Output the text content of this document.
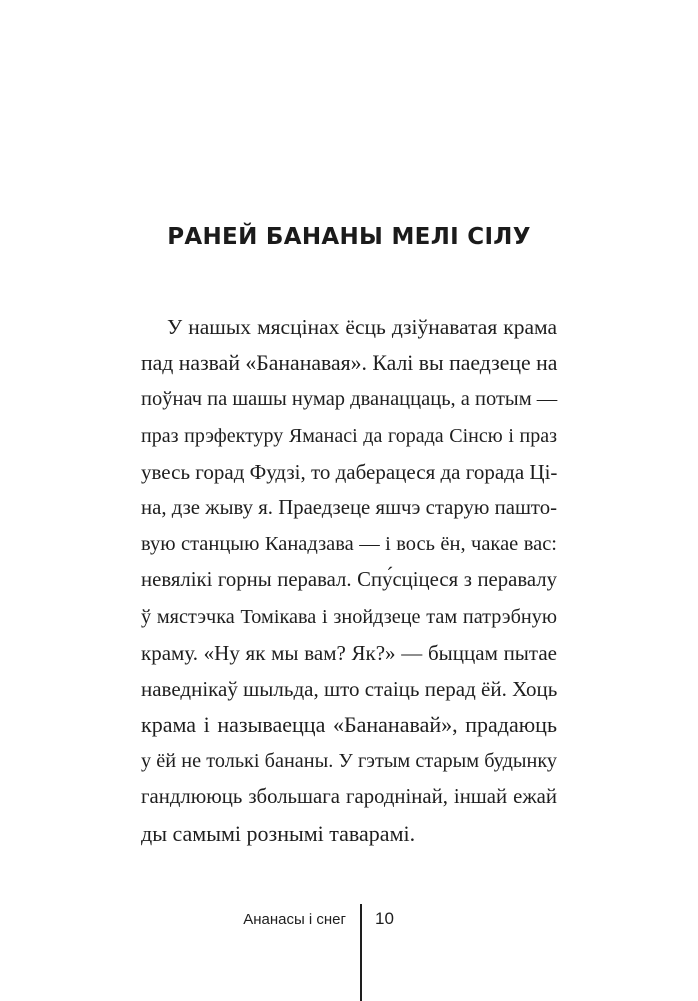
РАНЕЙ БАНАНЫ МЕЛІ СІЛУ
У нашых мясцінах ёсць дзіўнаватая крама
пад назвай «Бананавая». Калі вы паедзеце на
поўнач па шашы нумар дванаццаць, а потым —
праз прэфектуру Яманасі да горада Сінсю і праз
увесь горад Фудзі, то даберацеся да горада Ці-
на, дзе жыву я. Праедзеце яшчэ старую пашто-
вую станцыю Канадзава — і вось ён, чакае вас:
невялікі горны перавал. Спу́сціцеся з перавалу
ў мястэчка Томікава і знойдзеце там патрэбную
краму. «Ну як мы вам? Як?» — быццам пытае
наведнікаў шыльда, што стаіць перад ёй. Хоць
крама і называецца «Бананавай», прадаюць
у ёй не толькі бананы. У гэтым старым будынку
гандлююць збольшага гароднінай, іншай ежай
ды самымі рознымі таварамі.
Ананасы і снег 10
